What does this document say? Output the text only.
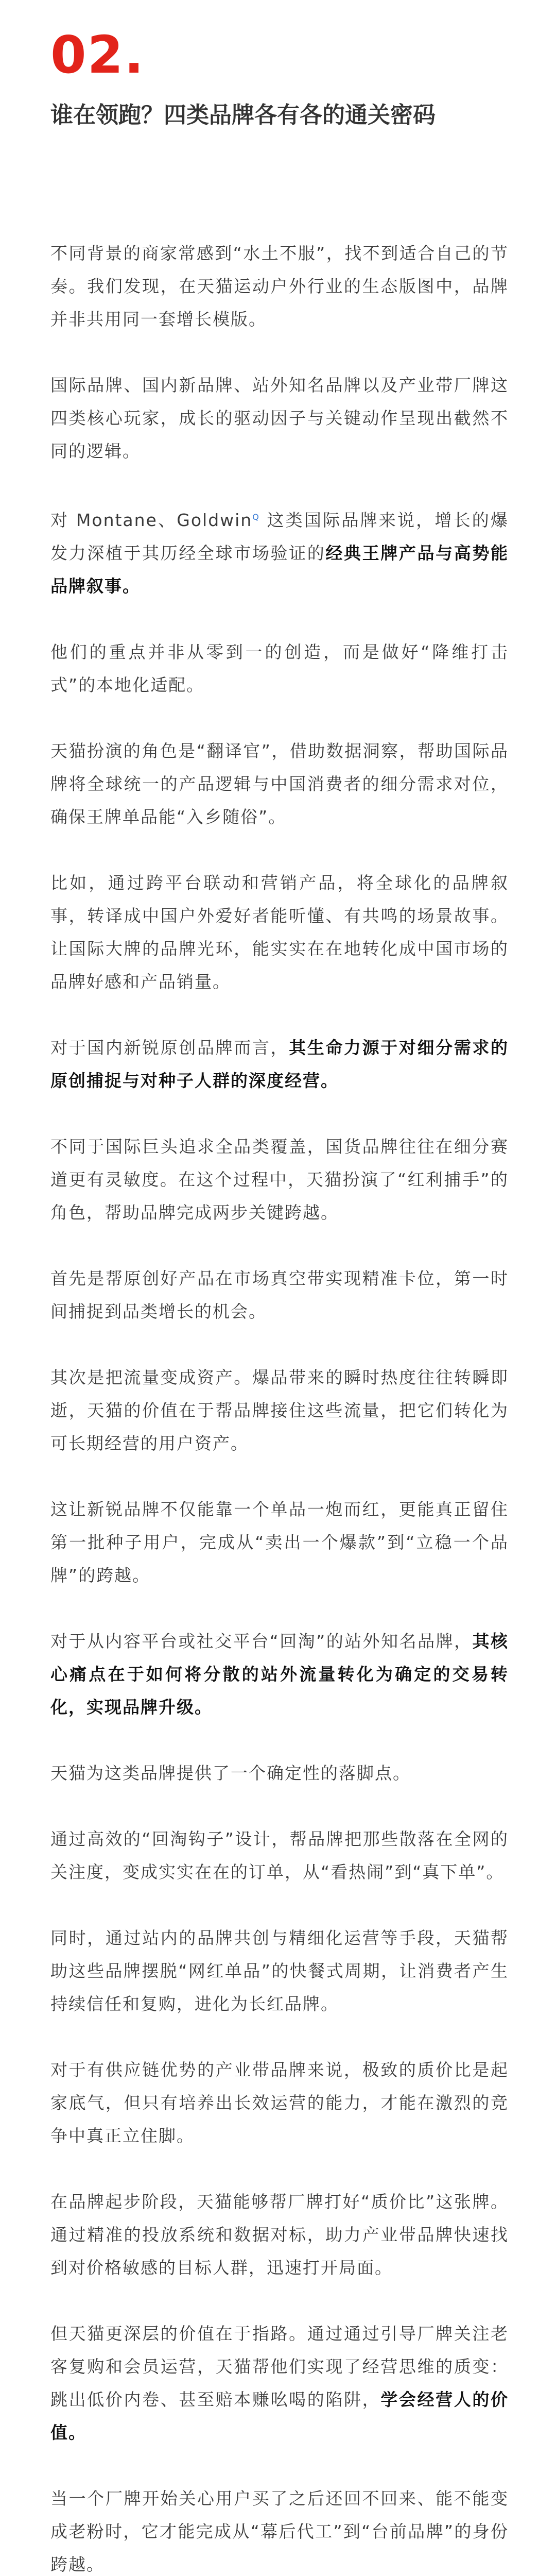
02.
谁在领跑？四类品牌各有各的通关密码

不同背景的商家常感到“水土不服”，找不到适合自己的节奏。我们发现，在天猫运动户外行业的生态版图中，品牌并非共用同一套增长模版。

国际品牌、国内新品牌、站外知名品牌以及产业带厂牌这四类核心玩家，成长的驱动因子与关键动作呈现出截然不同的逻辑。

对 Montane、Goldwin$^Q$ 这类国际品牌来说，增长的爆发力深植于其历经全球市场验证的经典王牌产品与高势能品牌叙事。

他们的重点并非从零到一的创造，而是做好“降维打击式”的本地化适配。

天猫扮演的角色是“翻译官”，借助数据洞察，帮助国际品牌将全球统一的产品逻辑与中国消费者的细分需求对位，确保王牌单品能“入乡随俗”。

比如，通过跨平台联动和营销产品，将全球化的品牌叙事，转译成中国户外爱好者能听懂、有共鸣的场景故事。让国际大牌的品牌光环，能实实在在地转化成中国市场的品牌好感和产品销量。

对于国内新锐原创品牌而言，其生命力源于对细分需求的原创捕捉与对种子人群的深度经营。

不同于国际巨头追求全品类覆盖，国货品牌往往在细分赛道更有灵敏度。在这个过程中，天猫扮演了“红利捕手”的角色，帮助品牌完成两步关键跨越。

首先是帮原创好产品在市场真空带实现精准卡位，第一时间捕捉到品类增长的机会。

其次是把流量变成资产。爆品带来的瞬时热度往往转瞬即逝，天猫的价值在于帮品牌接住这些流量，把它们转化为可长期经营的用户资产。

这让新锐品牌不仅能靠一个单品一炮而红，更能真正留住第一批种子用户，完成从“卖出一个爆款”到“立稳一个品牌”的跨越。

对于从内容平台或社交平台“回淘”的站外知名品牌，其核心痛点在于如何将分散的站外流量转化为确定的交易转化，实现品牌升级。

天猫为这类品牌提供了一个确定性的落脚点。

通过高效的“回淘钩子”设计，帮品牌把那些散落在全网的关注度，变成实实在在的订单，从“看热闹”到“真下单”。

同时，通过站内的品牌共创与精细化运营等手段，天猫帮助这些品牌摆脱“网红单品”的快餐式周期，让消费者产生持续信任和复购，进化为长红品牌。

对于有供应链优势的产业带品牌来说，极致的质价比是起家底气，但只有培养出长效运营的能力，才能在激烈的竞争中真正立住脚。

在品牌起步阶段，天猫能够帮厂牌打好“质价比”这张牌。通过精准的投放系统和数据对标，助力产业带品牌快速找到对价格敏感的目标人群，迅速打开局面。

但天猫更深层的价值在于指路。通过通过引导厂牌关注老客复购和会员运营，天猫帮他们实现了经营思维的质变：跳出低价内卷、甚至赔本赚吆喝的陷阱，学会经营人的价值。

当一个厂牌开始关心用户买了之后还回不回来、能不能变成老粉时，它才能完成从“幕后代工”到“台前品牌”的身份跨越。
